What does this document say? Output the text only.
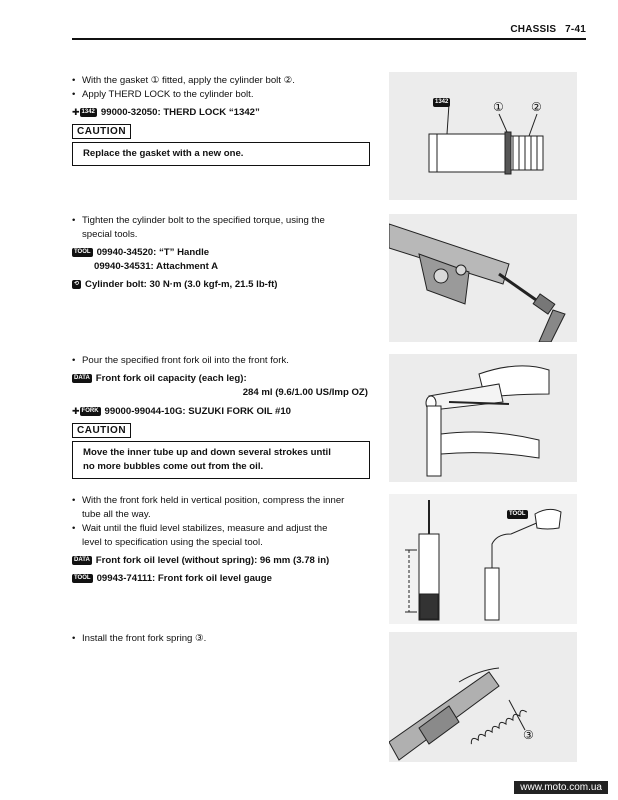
CHASSIS 7-41
• With the gasket ① fitted, apply the cylinder bolt ②.
• Apply THERD LOCK to the cylinder bolt.
✚ 1342 99000-32050: THERD LOCK “1342”
CAUTION
Replace the gasket with a new one.
1342	① ②
• Tighten the cylinder bolt to the specified torque, using the
special tools.
TOOL 09940-34520: “T” Handle
09940-34531: Attachment A
⟲ Cylinder bolt: 30 N·m (3.0 kgf-m, 21.5 lb-ft)
• Pour the specified front fork oil into the front fork.
DATA Front fork oil capacity (each leg):
284 ml (9.6/1.00 US/Imp OZ)
✚ FORK 99000-99044-10G: SUZUKI FORK OIL #10
CAUTION
Move the inner tube up and down several strokes until
no more bubbles come out from the oil.
• With the front fork held in vertical position, compress the inner
tube all the way.
• Wait until the fluid level stabilizes, measure and adjust the
level to specification using the special tool.
DATA Front fork oil level (without spring): 96 mm (3.78 in)
TOOL 09943-74111: Front fork oil level gauge
TOOL
• Install the front fork spring ③.
③
www.moto.com.ua
